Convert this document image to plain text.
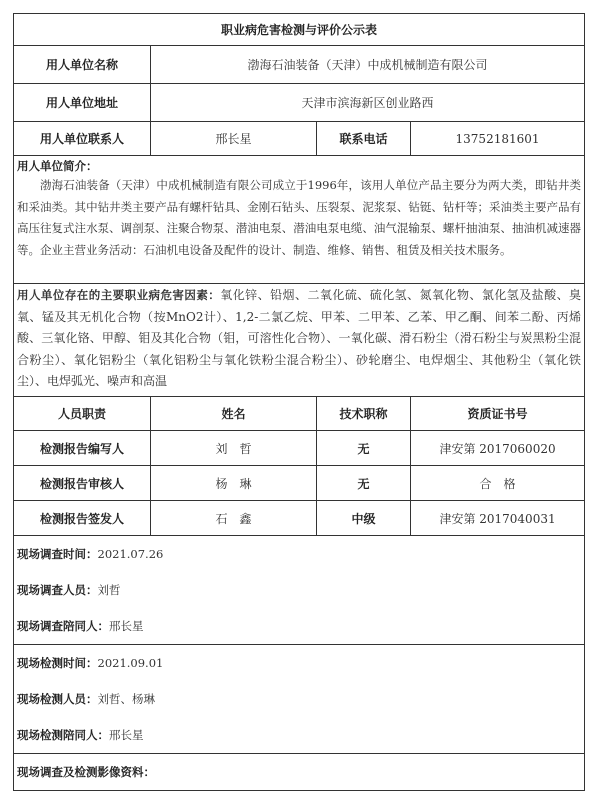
职业病危害检测与评价公示表			
用人单位名称	渤海石油装备（天津）中成机械制造有限公司		
用人单位地址	天津市滨海新区创业路西		
用人单位联系人	邢长星	联系电话	13752181601

用人单位简介：
渤海石油装备（天津）中成机械制造有限公司成立于1996年，该用人单位产品主要分为两大类，即钻井类和采油类。其中钻井类主要产品有螺杆钻具、金刚石钻头、压裂泵、泥浆泵、钻铤、钻杆等；采油类主要产品有高压往复式注水泵、调剖泵、注聚合物泵、潜油电泵、潜油电泵电缆、油气混输泵、螺杆抽油泵、抽油机减速器等。企业主营业务活动：石油机电设备及配件的设计、制造、维修、销售、租赁及相关技术服务。			

用人单位存在的主要职业病危害因素：氧化锌、铅烟、二氧化硫、硫化氢、氮氧化物、氯化氢及盐酸、臭氧、锰及其无机化合物（按MnO2计）、1,2-二氯乙烷、甲苯、二甲苯、乙苯、甲乙酮、间苯二酚、丙烯酸、三氧化铬、甲醇、钼及其化合物（钼，可溶性化合物）、一氧化碳、滑石粉尘（滑石粉尘与炭黑粉尘混合粉尘）、氧化铝粉尘（氧化铝粉尘与氧化铁粉尘混合粉尘）、砂轮磨尘、电焊烟尘、其他粉尘（氧化铁尘）、电焊弧光、噪声和高温			
人员职责	姓名	技术职称	资质证书号
检测报告编写人	刘　哲	无	津安第 2017060020
检测报告审核人	杨　琳	无	合　格
检测报告签发人	石　鑫	中级	津安第 2017040031

现场调查时间：2021.07.26
现场调查人员：刘哲
现场调查陪同人：邢长星			

现场检测时间：2021.09.01
现场检测人员：刘哲、杨琳
现场检测陪同人：邢长星			

现场调查及检测影像资料：			
